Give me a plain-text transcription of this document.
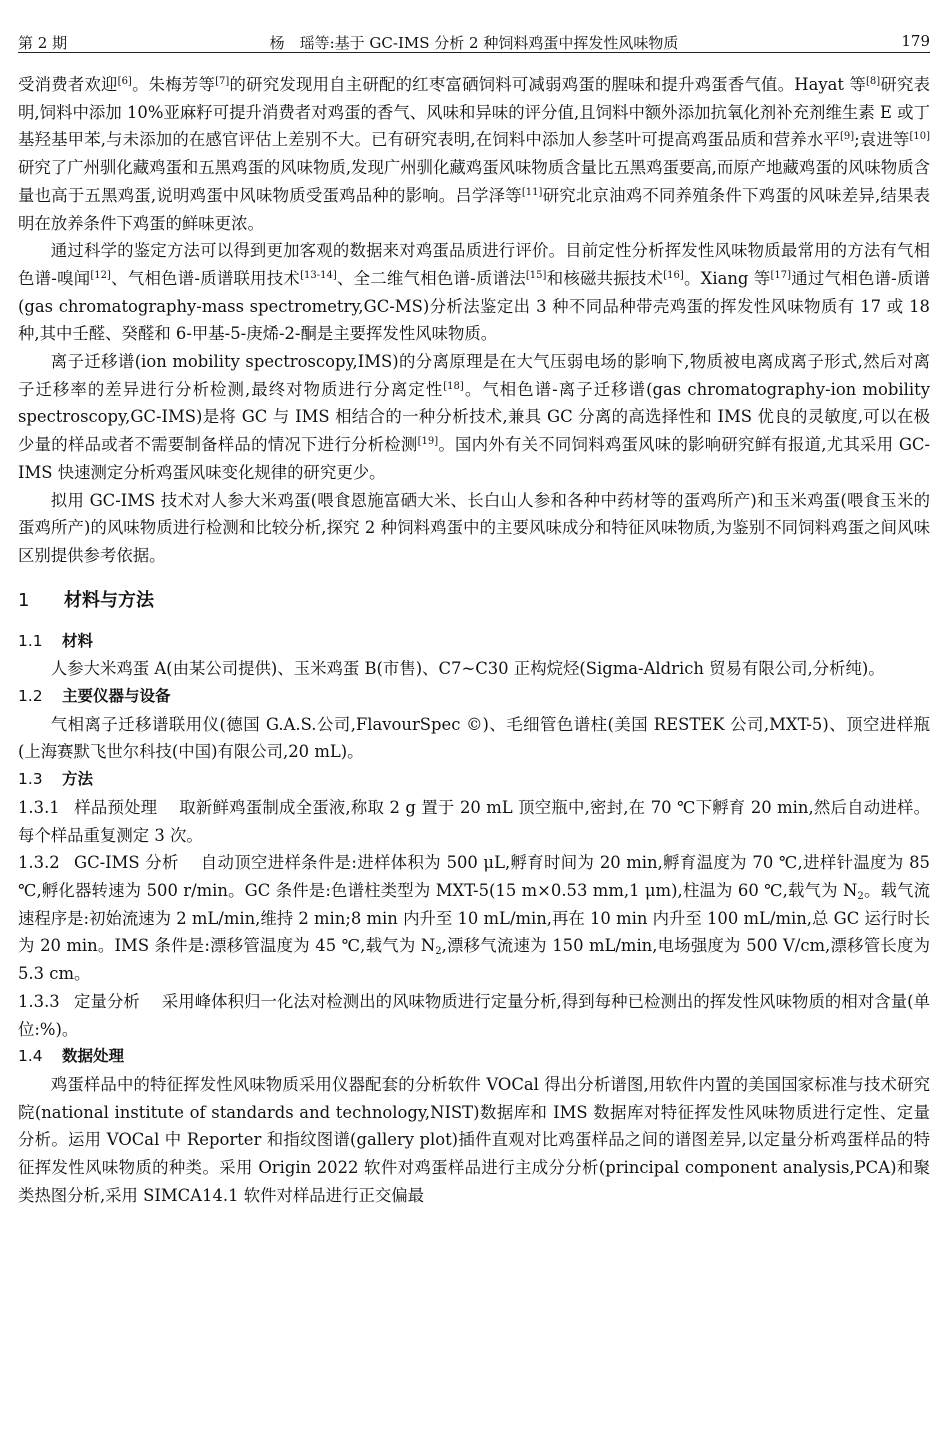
第 2 期	杨　瑶等:基于 GC-IMS 分析 2 种饲料鸡蛋中挥发性风味物质	179

受消费者欢迎[6]。朱梅芳等[7]的研究发现用自主研配的红枣富硒饲料可减弱鸡蛋的腥味和提升鸡蛋香气值。Hayat 等[8]研究表明,饲料中添加 10%亚麻籽可提升消费者对鸡蛋的香气、风味和异味的评分值,且饲料中额外添加抗氧化剂补充剂维生素 E 或丁基羟基甲苯,与未添加的在感官评估上差别不大。已有研究表明,在饲料中添加人参茎叶可提高鸡蛋品质和营养水平[9];袁进等[10]研究了广州驯化藏鸡蛋和五黑鸡蛋的风味物质,发现广州驯化藏鸡蛋风味物质含量比五黑鸡蛋要高,而原产地藏鸡蛋的风味物质含量也高于五黑鸡蛋,说明鸡蛋中风味物质受蛋鸡品种的影响。吕学泽等[11]研究北京油鸡不同养殖条件下鸡蛋的风味差异,结果表明在放养条件下鸡蛋的鲜味更浓。

通过科学的鉴定方法可以得到更加客观的数据来对鸡蛋品质进行评价。目前定性分析挥发性风味物质最常用的方法有气相色谱-嗅闻[12]、气相色谱-质谱联用技术[13-14]、全二维气相色谱-质谱法[15]和核磁共振技术[16]。Xiang 等[17]通过气相色谱-质谱(gas chromatography-mass spectrometry,GC-MS)分析法鉴定出 3 种不同品种带壳鸡蛋的挥发性风味物质有 17 或 18 种,其中壬醛、癸醛和 6-甲基-5-庚烯-2-酮是主要挥发性风味物质。

离子迁移谱(ion mobility spectroscopy,IMS)的分离原理是在大气压弱电场的影响下,物质被电离成离子形式,然后对离子迁移率的差异进行分析检测,最终对物质进行分离定性[18]。气相色谱-离子迁移谱(gas chromatography-ion mobility spectroscopy,GC-IMS)是将 GC 与 IMS 相结合的一种分析技术,兼具 GC 分离的高选择性和 IMS 优良的灵敏度,可以在极少量的样品或者不需要制备样品的情况下进行分析检测[19]。国内外有关不同饲料鸡蛋风味的影响研究鲜有报道,尤其采用 GC-IMS 快速测定分析鸡蛋风味变化规律的研究更少。

拟用 GC-IMS 技术对人参大米鸡蛋(喂食恩施富硒大米、长白山人参和各种中药材等的蛋鸡所产)和玉米鸡蛋(喂食玉米的蛋鸡所产)的风味物质进行检测和比较分析,探究 2 种饲料鸡蛋中的主要风味成分和特征风味物质,为鉴别不同饲料鸡蛋之间风味区别提供参考依据。

1 材料与方法
1.1 材料

人参大米鸡蛋 A(由某公司提供)、玉米鸡蛋 B(市售)、C7~C30 正构烷烃(Sigma-Aldrich 贸易有限公司,分析纯)。

1.2 主要仪器与设备

气相离子迁移谱联用仪(德国 G.A.S.公司,FlavourSpec ©)、毛细管色谱柱(美国 RESTEK 公司,MXT-5)、顶空进样瓶(上海赛默飞世尔科技(中国)有限公司,20 mL)。

1.3 方法

1.3.1 样品预处理 取新鲜鸡蛋制成全蛋液,称取 2 g 置于 20 mL 顶空瓶中,密封,在 70 ℃下孵育 20 min,然后自动进样。每个样品重复测定 3 次。

1.3.2 GC-IMS 分析 自动顶空进样条件是:进样体积为 500 μL,孵育时间为 20 min,孵育温度为 70 ℃,进样针温度为 85 ℃,孵化器转速为 500 r/min。GC 条件是:色谱柱类型为 MXT-5(15 m×0.53 mm,1 μm),柱温为 60 ℃,载气为 $N_2$。载气流速程序是:初始流速为 2 mL/min,维持 2 min;8 min 内升至 10 mL/min,再在 10 min 内升至 100 mL/min,总 GC 运行时长为 20 min。IMS 条件是:漂移管温度为 45 ℃,载气为 $N_2$,漂移气流速为 150 mL/min,电场强度为 500 V/cm,漂移管长度为 5.3 cm。

1.3.3 定量分析 采用峰体积归一化法对检测出的风味物质进行定量分析,得到每种已检测出的挥发性风味物质的相对含量(单位:%)。

1.4 数据处理

鸡蛋样品中的特征挥发性风味物质采用仪器配套的分析软件 VOCal 得出分析谱图,用软件内置的美国国家标准与技术研究院(national institute of standards and technology,NIST)数据库和 IMS 数据库对特征挥发性风味物质进行定性、定量分析。运用 VOCal 中 Reporter 和指纹图谱(gallery plot)插件直观对比鸡蛋样品之间的谱图差异,以定量分析鸡蛋样品的特征挥发性风味物质的种类。采用 Origin 2022 软件对鸡蛋样品进行主成分分析(principal component analysis,PCA)和聚类热图分析,采用 SIMCA14.1 软件对样品进行正交偏最
